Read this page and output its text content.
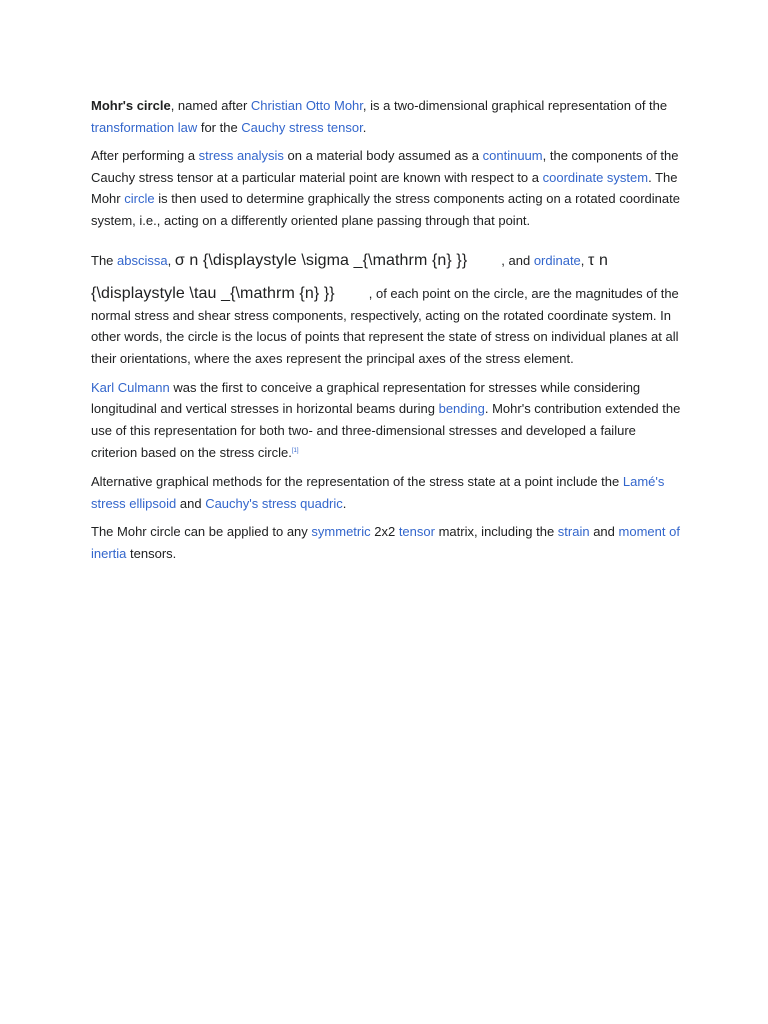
Mohr's circle, named after Christian Otto Mohr, is a two-dimensional graphical representation of the transformation law for the Cauchy stress tensor.

After performing a stress analysis on a material body assumed as a continuum, the components of the Cauchy stress tensor at a particular material point are known with respect to a coordinate system. The Mohr circle is then used to determine graphically the stress components acting on a rotated coordinate system, i.e., acting on a differently oriented plane passing through that point.

The abscissa, σ n {\displaystyle \sigma _{\mathrm {n} }}	, and ordinate, τ n
{\displaystyle \tau _{\mathrm {n} }}	, of each point on the circle, are the magnitudes of the normal stress and shear stress components, respectively, acting on the rotated coordinate system. In other words, the circle is the locus of points that represent the state of stress on individual planes at all their orientations, where the axes represent the principal axes of the stress element.

Karl Culmann was the first to conceive a graphical representation for stresses while considering longitudinal and vertical stresses in horizontal beams during bending. Mohr's contribution extended the use of this representation for both two- and three-dimensional stresses and developed a failure criterion based on the stress circle.[1]

Alternative graphical methods for the representation of the stress state at a point include the Lamé's stress ellipsoid and Cauchy's stress quadric.

The Mohr circle can be applied to any symmetric 2x2 tensor matrix, including the strain and moment of inertia tensors.
